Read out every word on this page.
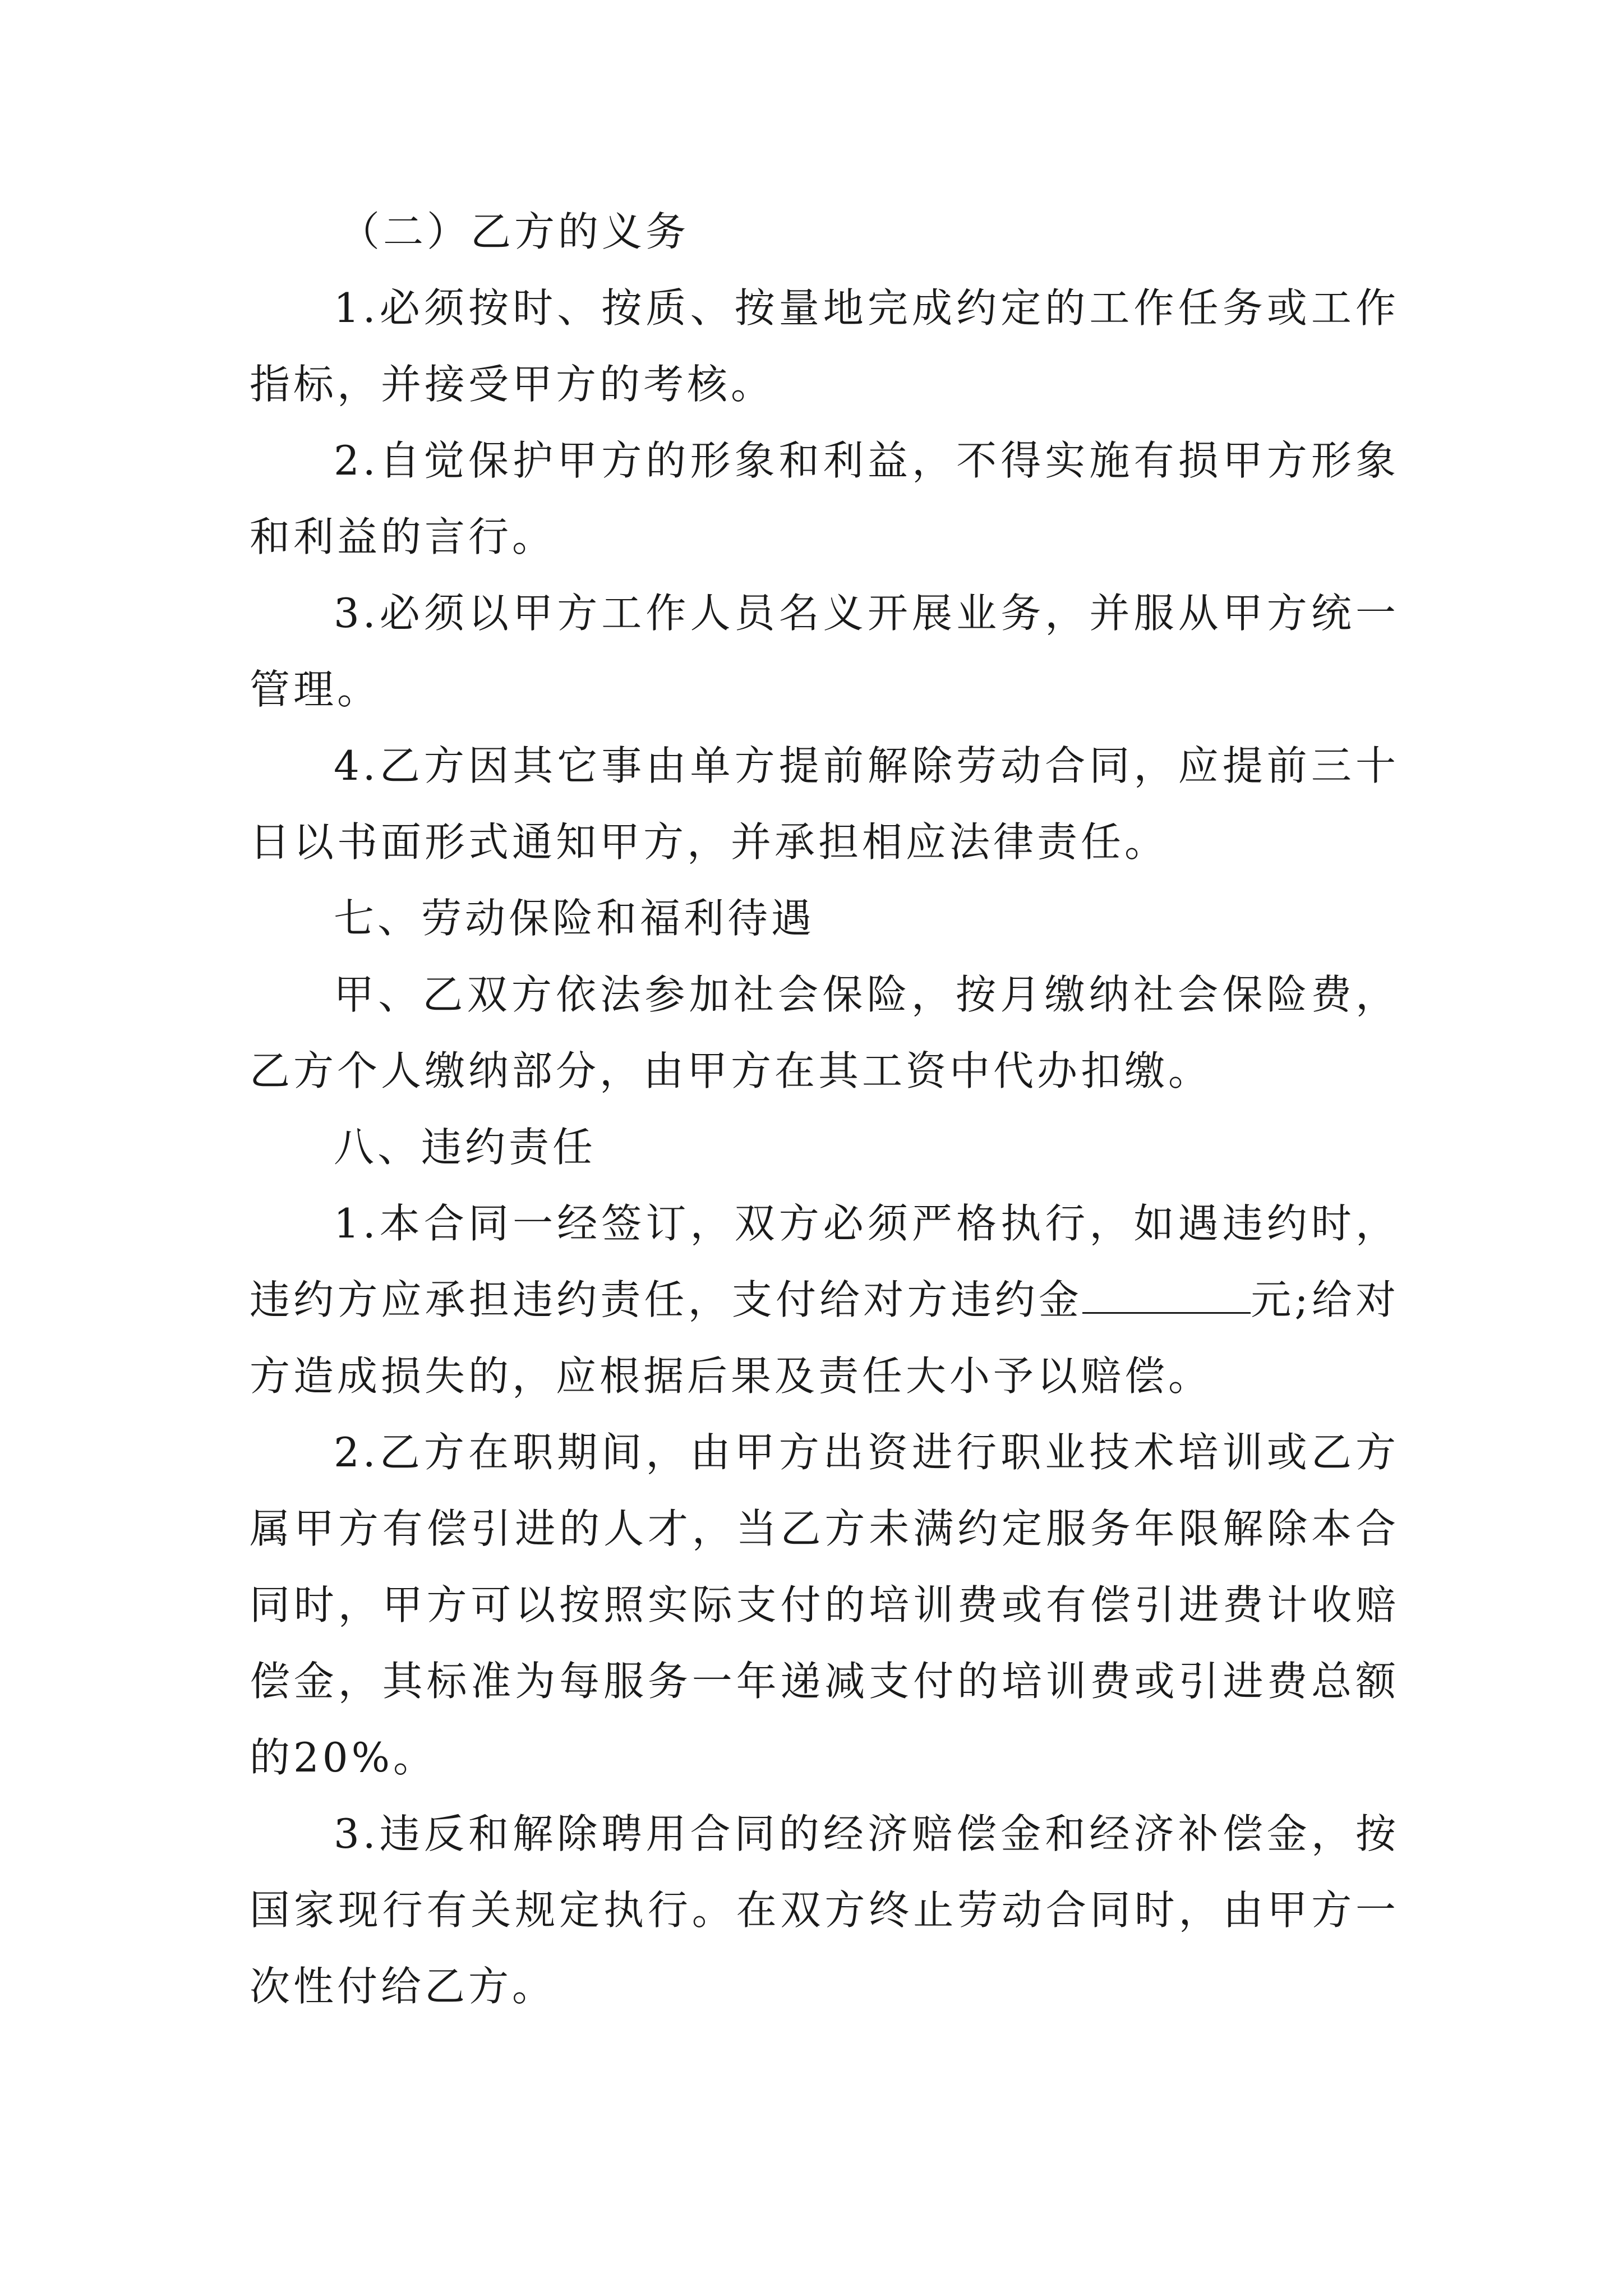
（二）乙方的义务

1.必须按时、按质、按量地完成约定的工作任务或工作指标，并接受甲方的考核。

2.自觉保护甲方的形象和利益，不得实施有损甲方形象和利益的言行。

3.必须以甲方工作人员名义开展业务，并服从甲方统一管理。

4.乙方因其它事由单方提前解除劳动合同，应提前三十日以书面形式通知甲方，并承担相应法律责任。

七、劳动保险和福利待遇

甲、乙双方依法参加社会保险，按月缴纳社会保险费，乙方个人缴纳部分，由甲方在其工资中代办扣缴。

八、违约责任

1.本合同一经签订，双方必须严格执行，如遇违约时，违约方应承担违约责任，支付给对方违约金	元;给对方造成损失的，应根据后果及责任大小予以赔偿。

2.乙方在职期间，由甲方出资进行职业技术培训或乙方属甲方有偿引进的人才，当乙方未满约定服务年限解除本合同时，甲方可以按照实际支付的培训费或有偿引进费计收赔偿金，其标准为每服务一年递减支付的培训费或引进费总额的20%。

3.违反和解除聘用合同的经济赔偿金和经济补偿金，按国家现行有关规定执行。在双方终止劳动合同时，由甲方一次性付给乙方。
